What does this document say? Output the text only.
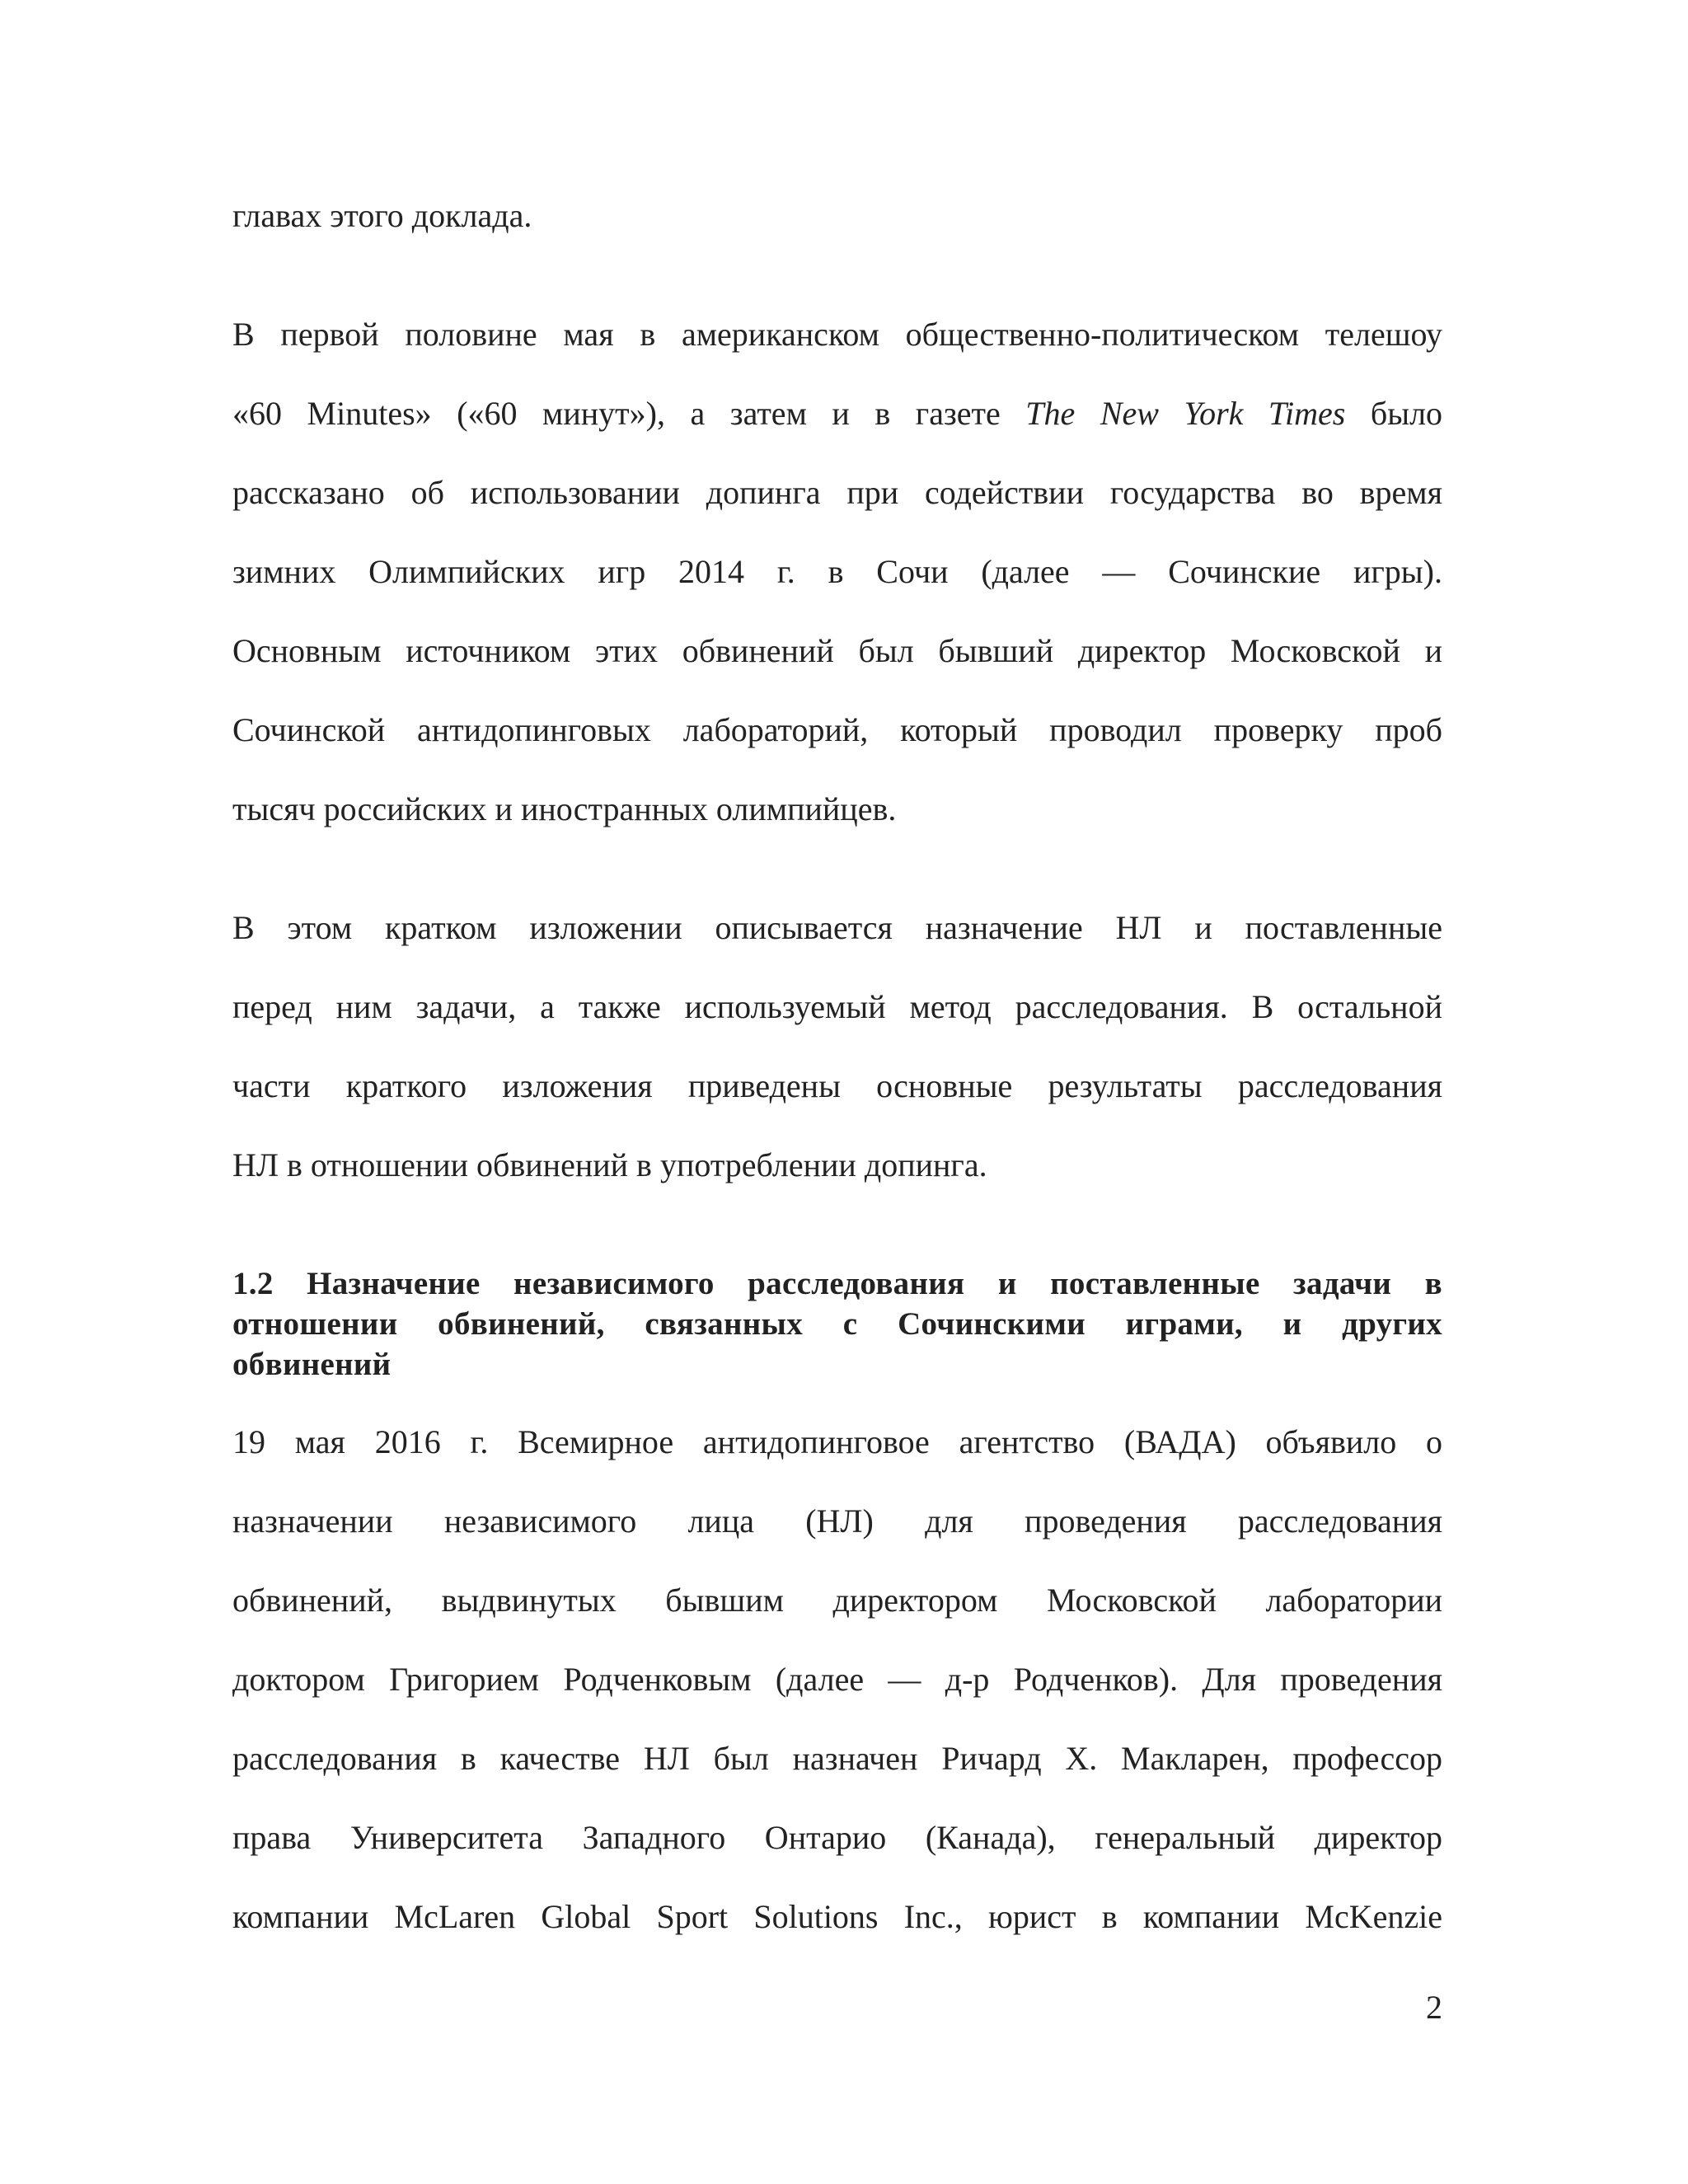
главах этого доклада.
В первой половине мая в американском общественно-политическом телешоу
«60 Minutes» («60 минут»), а затем и в газете The New York Times было
рассказано об использовании допинга при содействии государства во время
зимних Олимпийских игр 2014 г. в Сочи (далее — Сочинские игры).
Основным источником этих обвинений был бывший директор Московской и
Сочинской антидопинговых лабораторий, который проводил проверку проб
тысяч российских и иностранных олимпийцев.
В этом кратком изложении описывается назначение НЛ и поставленные
перед ним задачи, а также используемый метод расследования. В остальной
части краткого изложения приведены основные результаты расследования
НЛ в отношении обвинений в употреблении допинга.
1.2 Назначение независимого расследования и поставленные задачи в
отношении обвинений, связанных с Сочинскими играми, и других
обвинений
19 мая 2016 г. Всемирное антидопинговое агентство (ВАДА) объявило о
назначении независимого лица (НЛ) для проведения расследования
обвинений, выдвинутых бывшим директором Московской лаборатории
доктором Григорием Родченковым (далее — д-р Родченков). Для проведения
расследования в качестве НЛ был назначен Ричард Х. Макларен, профессор
права Университета Западного Онтарио (Канада), генеральный директор
компании McLaren Global Sport Solutions Inc., юрист в компании McKenzie
2
